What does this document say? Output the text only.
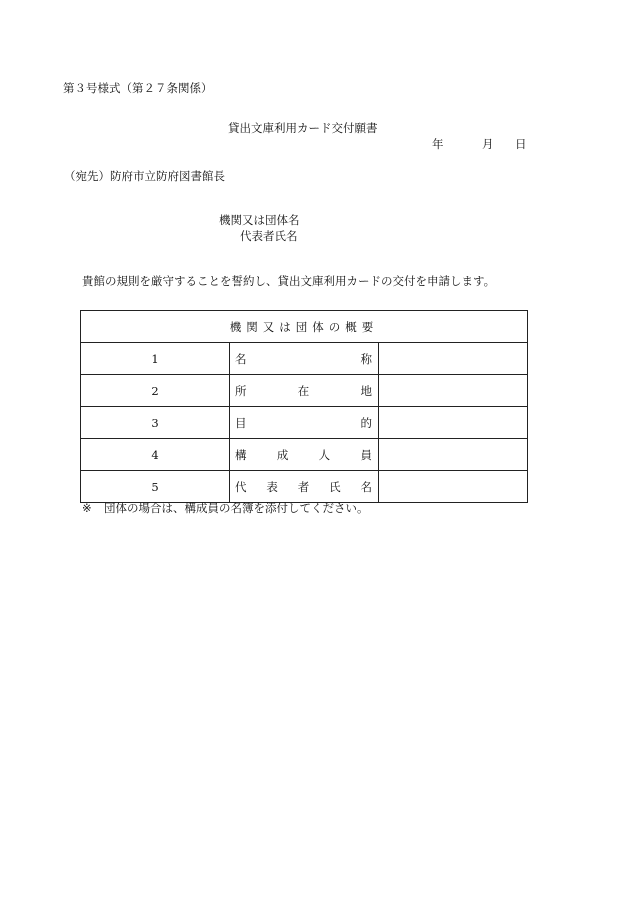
第３号様式（第２７条関係）
貸出文庫利用カード交付願書
年	月 日
（宛先）防府市立防府図書館長
機関又は団体名
代表者氏名
貴館の規則を厳守することを誓約し、貸出文庫利用カードの交付を申請します。
機関又は団体の概要		
1	名 称	

2	所 在 地	

3	目 的	

4	構 成 人 員	

5	代 表 者 氏 名	

※ 団体の場合は、構成員の名簿を添付してください。
